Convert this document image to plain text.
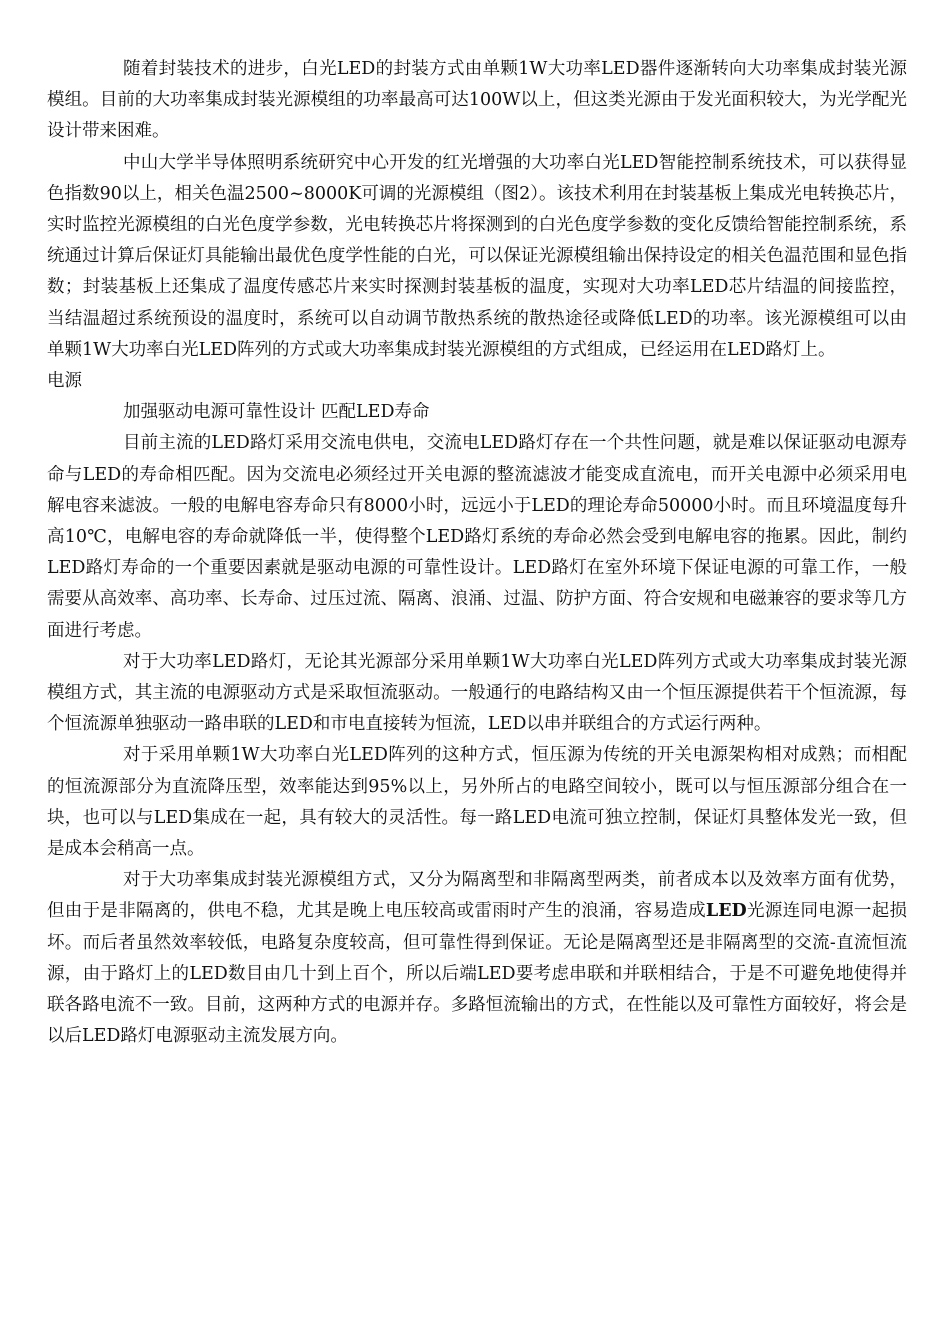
随着封装技术的进步，白光LED的封装方式由单颗1W大功率LED器件逐渐转向大功率集成封装光源模组。目前的大功率集成封装光源模组的功率最高可达100W以上，但这类光源由于发光面积较大，为光学配光设计带来困难。

中山大学半导体照明系统研究中心开发的红光增强的大功率白光LED智能控制系统技术，可以获得显色指数90以上，相关色温2500~8000K可调的光源模组（图2）。该技术利用在封装基板上集成光电转换芯片，实时监控光源模组的白光色度学参数，光电转换芯片将探测到的白光色度学参数的变化反馈给智能控制系统，系统通过计算后保证灯具能输出最优色度学性能的白光，可以保证光源模组输出保持设定的相关色温范围和显色指数；封装基板上还集成了温度传感芯片来实时探测封装基板的温度，实现对大功率LED芯片结温的间接监控，当结温超过系统预设的温度时，系统可以自动调节散热系统的散热途径或降低LED的功率。该光源模组可以由单颗1W大功率白光LED阵列的方式或大功率集成封装光源模组的方式组成，已经运用在LED路灯上。

电源

加强驱动电源可靠性设计 匹配LED寿命

目前主流的LED路灯采用交流电供电，交流电LED路灯存在一个共性问题，就是难以保证驱动电源寿命与LED的寿命相匹配。因为交流电必须经过开关电源的整流滤波才能变成直流电，而开关电源中必须采用电解电容来滤波。一般的电解电容寿命只有8000小时，远远小于LED的理论寿命50000小时。而且环境温度每升高10℃，电解电容的寿命就降低一半，使得整个LED路灯系统的寿命必然会受到电解电容的拖累。因此，制约LED路灯寿命的一个重要因素就是驱动电源的可靠性设计。LED路灯在室外环境下保证电源的可靠工作，一般需要从高效率、高功率、长寿命、过压过流、隔离、浪涌、过温、防护方面、符合安规和电磁兼容的要求等几方面进行考虑。

对于大功率LED路灯，无论其光源部分采用单颗1W大功率白光LED阵列方式或大功率集成封装光源模组方式，其主流的电源驱动方式是采取恒流驱动。一般通行的电路结构又由一个恒压源提供若干个恒流源，每个恒流源单独驱动一路串联的LED和市电直接转为恒流，LED以串并联组合的方式运行两种。

对于采用单颗1W大功率白光LED阵列的这种方式，恒压源为传统的开关电源架构相对成熟；而相配的恒流源部分为直流降压型，效率能达到95%以上，另外所占的电路空间较小，既可以与恒压源部分组合在一块，也可以与LED集成在一起，具有较大的灵活性。每一路LED电流可独立控制，保证灯具整体发光一致，但是成本会稍高一点。

对于大功率集成封装光源模组方式，又分为隔离型和非隔离型两类，前者成本以及效率方面有优势，但由于是非隔离的，供电不稳，尤其是晚上电压较高或雷雨时产生的浪涌，容易造成LED光源连同电源一起损坏。而后者虽然效率较低，电路复杂度较高，但可靠性得到保证。无论是隔离型还是非隔离型的交流-直流恒流源，由于路灯上的LED数目由几十到上百个，所以后端LED要考虑串联和并联相结合，于是不可避免地使得并联各路电流不一致。目前，这两种方式的电源并存。多路恒流输出的方式，在性能以及可靠性方面较好，将会是以后LED路灯电源驱动主流发展方向。
